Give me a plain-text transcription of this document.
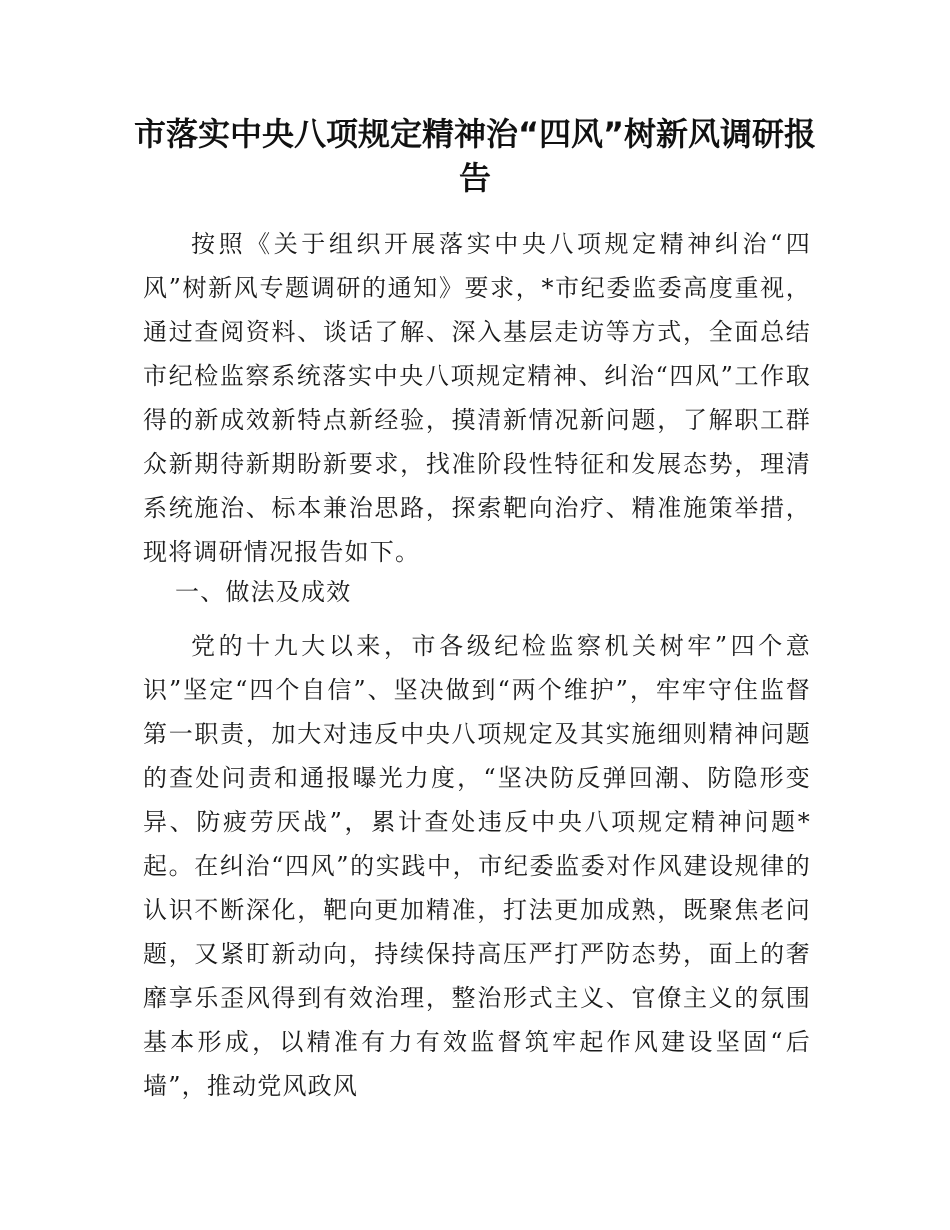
市落实中央八项规定精神治“四风”树新风调研报告

按照《关于组织开展落实中央八项规定精神纠治“四风”树新风专题调研的通知》要求，*市纪委监委高度重视，通过查阅资料、谈话了解、深入基层走访等方式，全面总结市纪检监察系统落实中央八项规定精神、纠治“四风”工作取得的新成效新特点新经验，摸清新情况新问题，了解职工群众新期待新期盼新要求，找准阶段性特征和发展态势，理清系统施治、标本兼治思路，探索靶向治疗、精准施策举措，现将调研情况报告如下。

一、做法及成效

党的十九大以来，市各级纪检监察机关树牢”四个意识”坚定“四个自信”、坚决做到“两个维护”，牢牢守住监督第一职责，加大对违反中央八项规定及其实施细则精神问题的查处问责和通报曝光力度，“坚决防反弹回潮、防隐形变异、防疲劳厌战”，累计查处违反中央八项规定精神问题*起。在纠治“四风”的实践中，市纪委监委对作风建设规律的认识不断深化，靶向更加精准，打法更加成熟，既聚焦老问题，又紧盯新动向，持续保持高压严打严防态势，面上的奢靡享乐歪风得到有效治理，整治形式主义、官僚主义的氛围基本形成，以精准有力有效监督筑牢起作风建设坚固“后墙”，推动党风政风
